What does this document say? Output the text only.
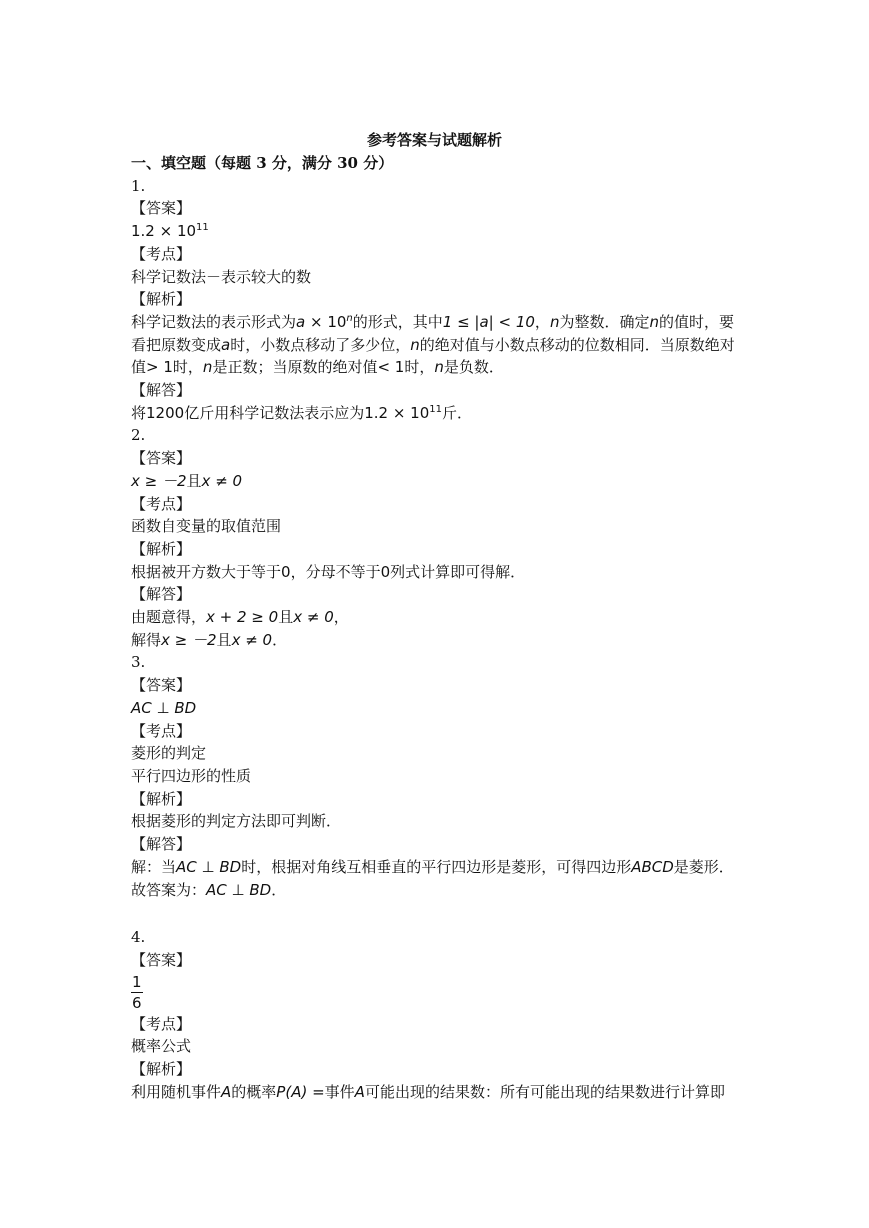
参考答案与试题解析
一、填空题（每题 3 分，满分 30 分）
1.
【答案】
$1.2 \times 10^{11}$
【考点】
科学记数法－表示较大的数
【解析】
科学记数法的表示形式为$a \times 10^n$的形式，其中1 ≤ |a| < 10，n为整数．确定n的值时，要看把原数变成a时，小数点移动了多少位，n的绝对值与小数点移动的位数相同．当原数绝对值> 1时，n是正数；当原数的绝对值< 1时，n是负数．
【解答】
将1200亿斤用科学记数法表示应为$1.2 \times 10^{11}$斤．
2.
【答案】
x ≥ －2且x ≠ 0
【考点】
函数自变量的取值范围
【解析】
根据被开方数大于等于0，分母不等于0列式计算即可得解．
【解答】
由题意得，x + 2 ≥ 0且x ≠ 0，
解得x ≥ －2且x ≠ 0．
3.
【答案】
AC ⊥ BD
【考点】
菱形的判定
平行四边形的性质
【解析】
根据菱形的判定方法即可判断．
【解答】
解：当AC ⊥ BD时，根据对角线互相垂直的平行四边形是菱形，可得四边形ABCD是菱形．
故答案为：AC ⊥ BD．
4.
【答案】
$\frac{1}{6}$
【考点】
概率公式
【解析】
利用随机事件A的概率P(A) =事件A可能出现的结果数：所有可能出现的结果数进行计算即
